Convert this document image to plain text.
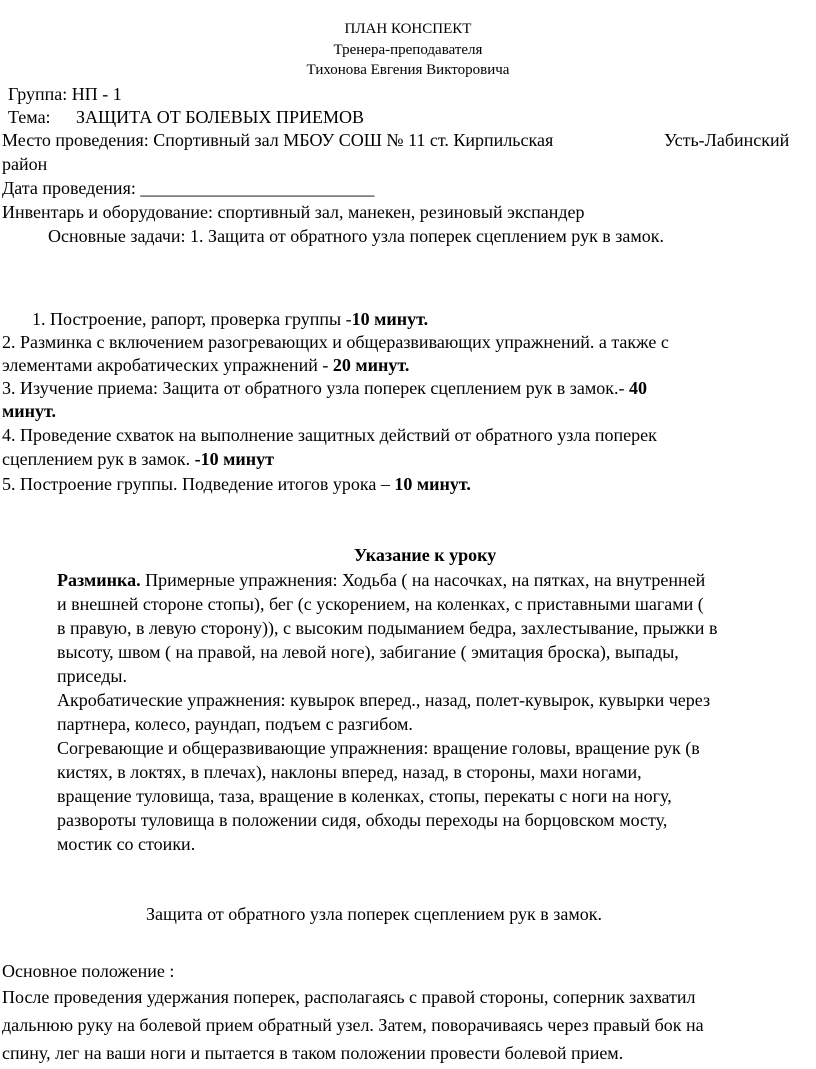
ПЛАН КОНСПЕКТ
Тренера-преподавателя
Тихонова Евгения Викторовича
Группа: НП - 1
Тема: ЗАЩИТА ОТ БОЛЕВЫХ ПРИЕМОВ
Место проведения: Спортивный зал МБОУ СОШ № 11 ст. Кирпильская	Усть-Лабинский
район
Дата проведения: __________________________
Инвентарь и оборудование: спортивный зал, манекен, резиновый экспандер
Основные задачи: 1. Защита от обратного узла поперек сцеплением рук в замок.
1. Построение, рапорт, проверка группы -10 минут.
2. Разминка с включением разогревающих и общеразвивающих упражнений. а также с
элементами акробатических упражнений - 20 минут.
3. Изучение приема: Защита от обратного узла поперек сцеплением рук в замок.- 40
минут.
4. Проведение схваток на выполнение защитных действий от обратного узла поперек
сцеплением рук в замок. -10 минут
5. Построение группы. Подведение итогов урока – 10 минут.
Указание к уроку
Разминка. Примерные упражнения: Ходьба ( на насочках, на пятках, на внутренней
и внешней стороне стопы), бег (с ускорением, на коленках, с приставными шагами (
в правую, в левую сторону)), с высоким подыманием бедра, захлестывание, прыжки в
высоту, швом ( на правой, на левой ноге), забигание ( эмитация броска), выпады,
приседы.
Акробатические упражнения: кувырок вперед., назад, полет-кувырок, кувырки через
партнера, колесо, раундап, подъем с разгибом.
Согревающие и общеразвивающие упражнения: вращение головы, вращение рук (в
кистях, в локтях, в плечах), наклоны вперед, назад, в стороны, махи ногами,
вращение туловища, таза, вращение в коленках, стопы, перекаты с ноги на ногу,
развороты туловища в положении сидя, обходы переходы на борцовском мосту,
мостик со стоики.
Защита от обратного узла поперек сцеплением рук в замок.
Основное положение :
После проведения удержания поперек, располагаясь с правой стороны, соперник захватил
дальнюю руку на болевой прием обратный узел. Затем, поворачиваясь через правый бок на
спину, лег на ваши ноги и пытается в таком положении провести болевой прием.
